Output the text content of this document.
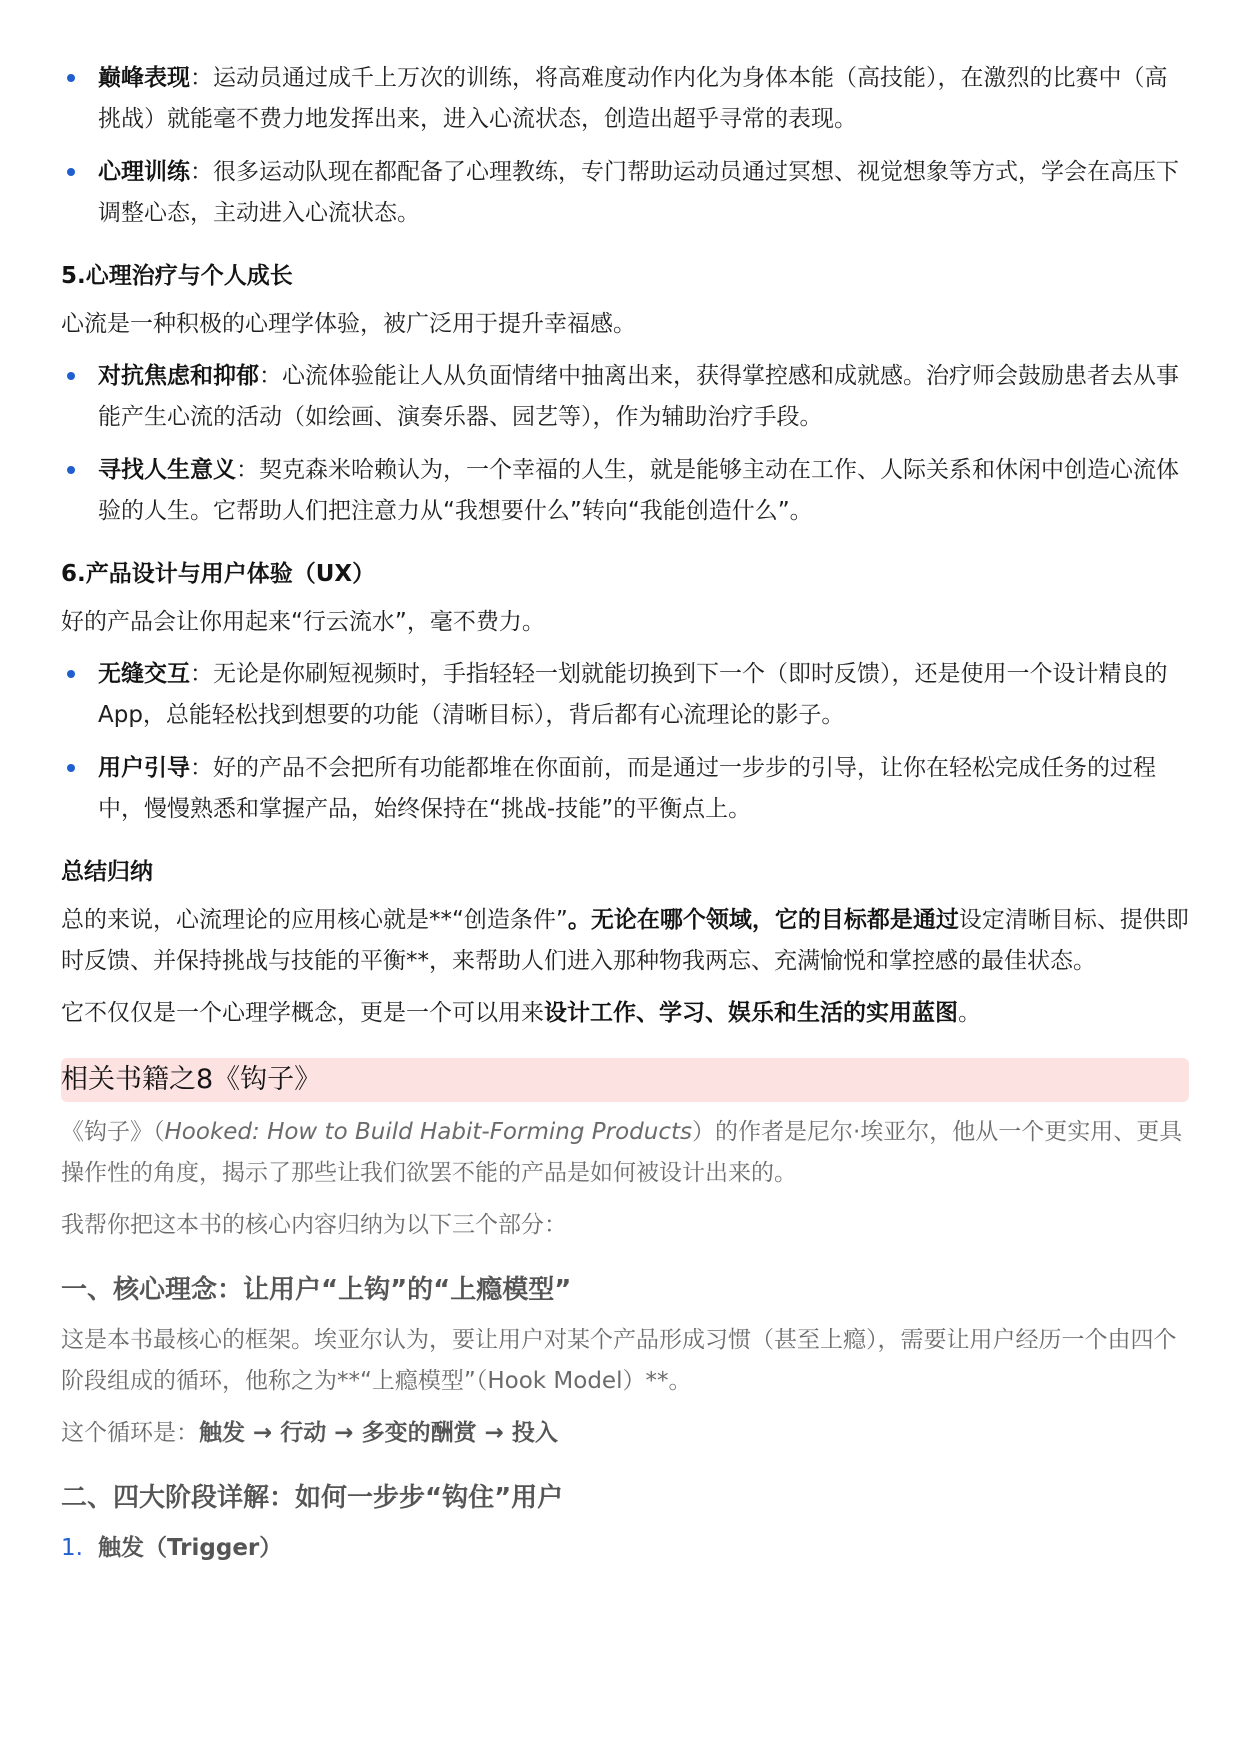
巅峰表现：运动员通过成千上万次的训练，将高难度动作内化为身体本能（高技能），在激烈的比赛中（高挑战）就能毫不费力地发挥出来，进入心流状态，创造出超乎寻常的表现。
心理训练：很多运动队现在都配备了心理教练，专门帮助运动员通过冥想、视觉想象等方式，学会在高压下调整心态，主动进入心流状态。
5.心理治疗与个人成长

心流是一种积极的心理学体验，被广泛用于提升幸福感。

对抗焦虑和抑郁：心流体验能让人从负面情绪中抽离出来，获得掌控感和成就感。治疗师会鼓励患者去从事能产生心流的活动（如绘画、演奏乐器、园艺等），作为辅助治疗手段。
寻找人生意义：契克森米哈赖认为，一个幸福的人生，就是能够主动在工作、人际关系和休闲中创造心流体验的人生。它帮助人们把注意力从“我想要什么”转向“我能创造什么”。
6.产品设计与用户体验（UX）

好的产品会让你用起来“行云流水”，毫不费力。

无缝交互：无论是你刷短视频时，手指轻轻一划就能切换到下一个（即时反馈），还是使用一个设计精良的App，总能轻松找到想要的功能（清晰目标），背后都有心流理论的影子。
用户引导：好的产品不会把所有功能都堆在你面前，而是通过一步步的引导，让你在轻松完成任务的过程中，慢慢熟悉和掌握产品，始终保持在“挑战-技能”的平衡点上。
总结归纳

总的来说，心流理论的应用核心就是**“创造条件”。无论在哪个领域，它的目标都是通过设定清晰目标、提供即时反馈、并保持挑战与技能的平衡**，来帮助人们进入那种物我两忘、充满愉悦和掌控感的最佳状态。

它不仅仅是一个心理学概念，更是一个可以用来设计工作、学习、娱乐和生活的实用蓝图。

相关书籍之8《钩子》

《钩子》（Hooked: How to Build Habit-Forming Products）的作者是尼尔·埃亚尔，他从一个更实用、更具操作性的角度，揭示了那些让我们欲罢不能的产品是如何被设计出来的。

我帮你把这本书的核心内容归纳为以下三个部分：

一、核心理念：让用户“上钩”的“上瘾模型”

这是本书最核心的框架。埃亚尔认为，要让用户对某个产品形成习惯（甚至上瘾），需要让用户经历一个由四个阶段组成的循环，他称之为**“上瘾模型”（Hook Model）**。

这个循环是：触发 → 行动 → 多变的酬赏 → 投入

二、四大阶段详解：如何一步步“钩住”用户
1. 触发（Trigger）
